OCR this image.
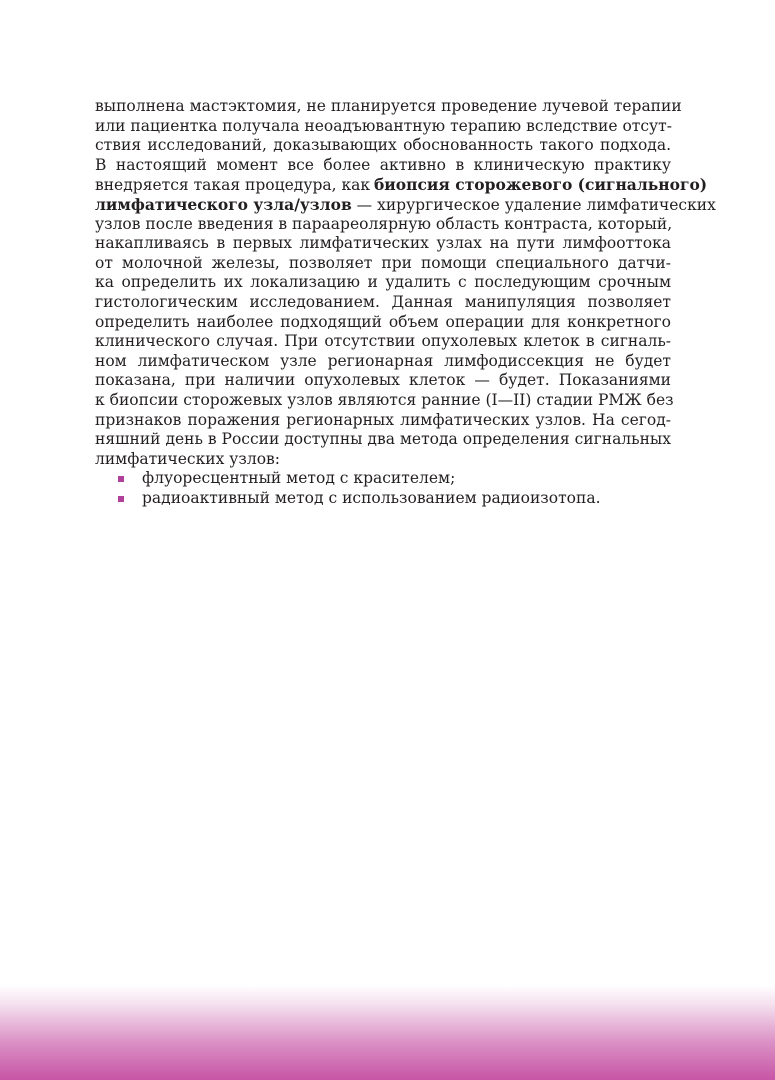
выполнена мастэктомия, не планируется проведение лучевой терапии
или пациентка получала неоадъювантную терапию вследствие отсут-
ствия исследований, доказывающих обоснованность такого подхода.
В настоящий момент все более активно в клиническую практику
внедряется такая процедура, как  биопсия сторожевого (сигнального)
лимфатического узла/узлов — хирургическое удаление лимфатических
узлов после введения в параареолярную область контраста, который,
накапливаясь в первых лимфатических узлах на пути лимфооттока
от молочной железы, позволяет при помощи специального датчи-
ка определить их локализацию и удалить с последующим срочным
гистологическим исследованием. Данная манипуляция позволяет
определить наиболее подходящий объем операции для конкретного
клинического случая. При отсутствии опухолевых клеток в сигналь-
ном лимфатическом узле регионарная лимфодиссекция не будет
показана, при наличии опухолевых клеток — будет. Показаниями
к биопсии сторожевых узлов являются ранние (I—II) стадии РМЖ без
признаков поражения регионарных лимфатических узлов. На сегод-
няшний день в России доступны два метода определения сигнальных
лимфатических узлов:
флуоресцентный метод с красителем;
радиоактивный метод с использованием радиоизотопа.
